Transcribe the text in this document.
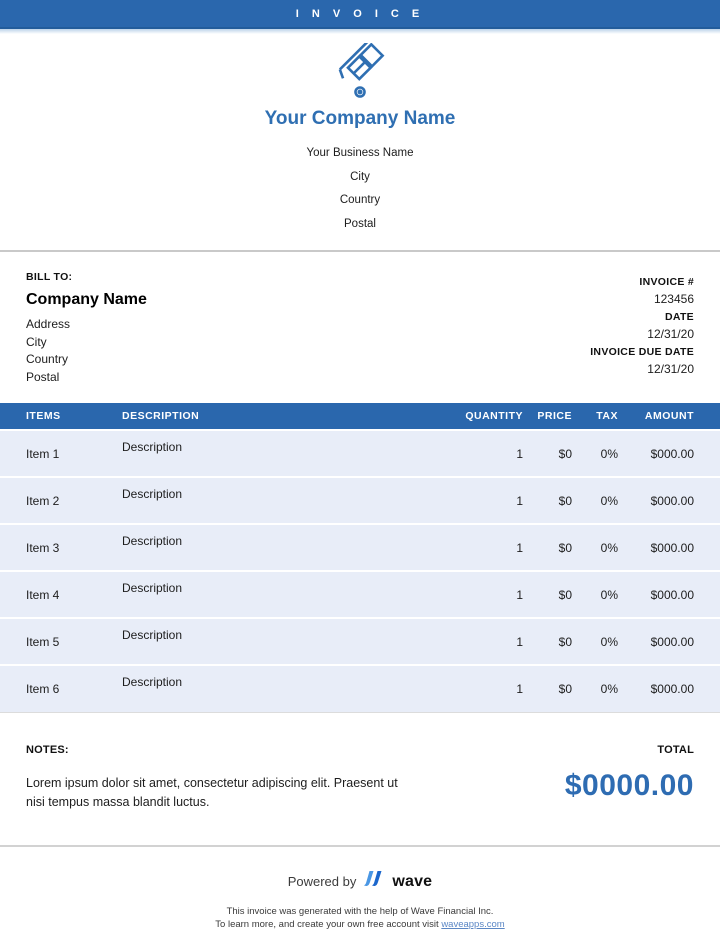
I N V O I C E
Your Company Name
Your Business Name
City
Country
Postal
BILL TO:
Company Name
Address
City
Country
Postal
INVOICE #
123456
DATE
12/31/20
INVOICE DUE DATE
12/31/20
ITEMS	DESCRIPTION	QUANTITY	PRICE	TAX	AMOUNT
Item 1	Description	1	$0	0%	$000.00
Item 2	Description	1	$0	0%	$000.00
Item 3	Description	1	$0	0%	$000.00
Item 4	Description	1	$0	0%	$000.00
Item 5	Description	1	$0	0%	$000.00
Item 6	Description	1	$0	0%	$000.00
NOTES:
Lorem ipsum dolor sit amet, consectetur adipiscing elit. Praesent ut nisi tempus massa blandit luctus.
TOTAL
$0000.00
Powered by wave
This invoice was generated with the help of Wave Financial Inc.
To learn more, and create your own free account visit waveapps.com
